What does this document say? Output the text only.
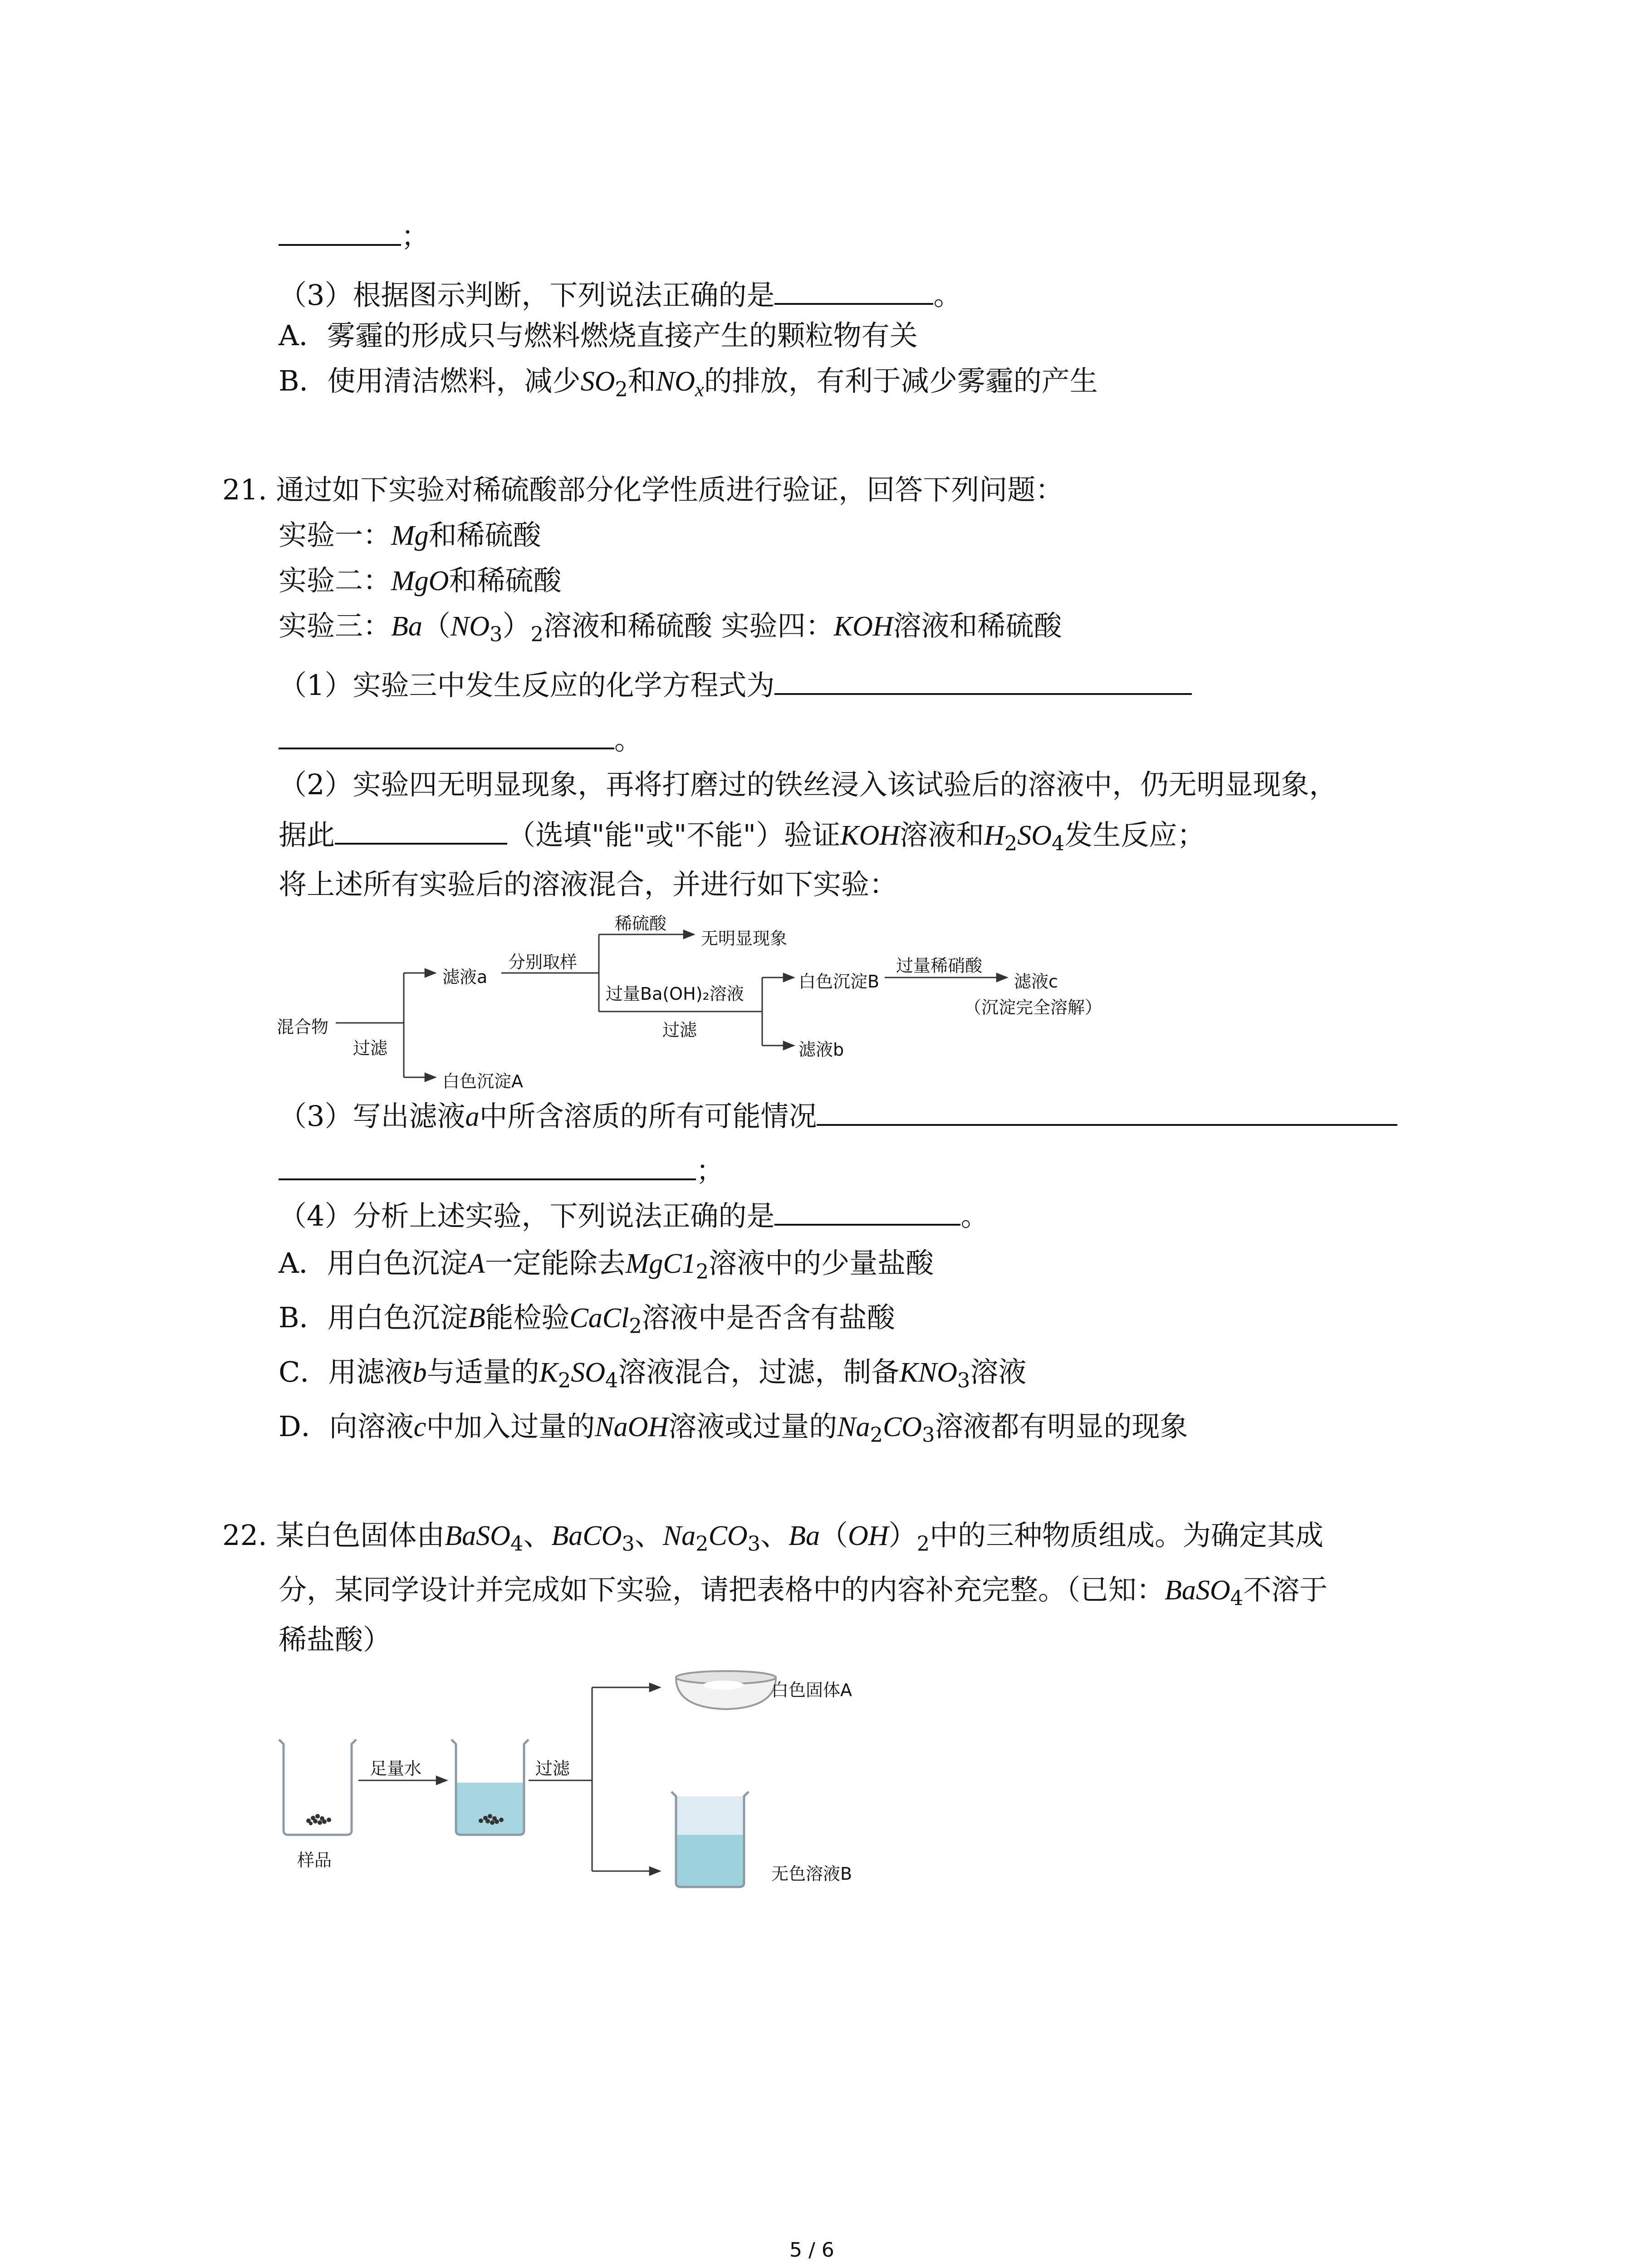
；
（3）根据图示判断，下列说法正确的是	。
A．雾霾的形成只与燃料燃烧直接产生的颗粒物有关
B．使用清洁燃料，减少$SO_2$和$NO_x$的排放，有利于减少雾霾的产生
21. 通过如下实验对稀硫酸部分化学性质进行验证，回答下列问题：
实验一：Mg和稀硫酸
实验二：MgO和稀硫酸
实验三：$Ba(NO_3)_2$溶液和稀硫酸 实验四：KOH溶液和稀硫酸
（1）实验三中发生反应的化学方程式为
。
（2）实验四无明显现象，再将打磨过的铁丝浸入该试验后的溶液中，仍无明显现象，
据此	（选填"能"或"不能"）验证KOH溶液和$H_2SO_4$发生反应；
将上述所有实验后的溶液混合，并进行如下实验：
混合物
过滤
滤液a
白色沉淀A
分别取样
稀硫酸
无明显现象
过量Ba(OH)₂溶液
过滤
白色沉淀B
滤液b
过量稀硝酸
滤液c
（沉淀完全溶解）
（3）写出滤液a中所含溶质的所有可能情况
；
（4）分析上述实验，下列说法正确的是	。
A．用白色沉淀A一定能除去$MgC1_2$溶液中的少量盐酸
B．用白色沉淀B能检验CaCl$_2$溶液中是否含有盐酸
C．用滤液b与适量的$K_2SO_4$溶液混合，过滤，制备$KNO_3$溶液
D．向溶液c中加入过量的NaOH溶液或过量的$Na_2CO_3$溶液都有明显的现象
22. 某白色固体由BaSO$_4$、BaCO$_3$、$Na_2CO_3$、$Ba(OH)_2$中的三种物质组成。为确定其成
分，某同学设计并完成如下实验，请把表格中的内容补充完整。（已知：BaSO$_4$不溶于
稀盐酸）
样品
足量水	过滤
白色固体A
无色溶液B
5 / 6
